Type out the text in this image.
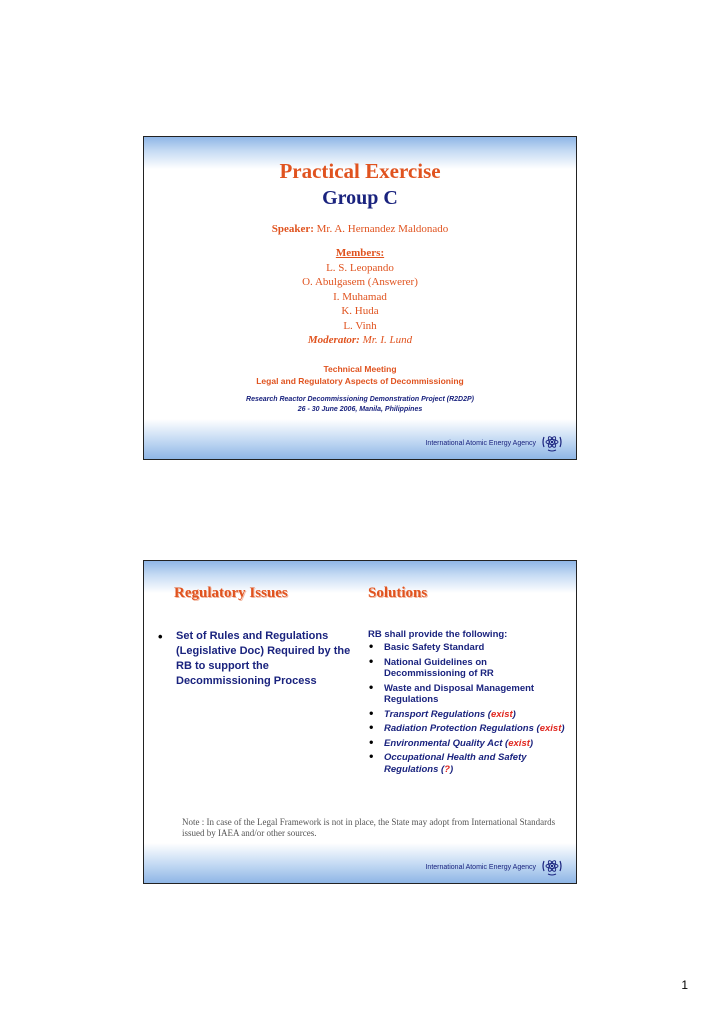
Practical Exercise
Group C
Speaker: Mr. A. Hernandez Maldonado
Members:
L. S. Leopando
O. Abulgasem (Answerer)
I. Muhamad
K. Huda
L. Vinh
Moderator: Mr. I. Lund
Technical Meeting
Legal and Regulatory Aspects of Decommissioning
Research Reactor Decommissioning Demonstration Project (R2D2P)
26 - 30 June 2006, Manila, Philippines
International Atomic Energy Agency
Regulatory Issues	Solutions
• Set of Rules and Regulations (Legislative Doc) Required by the RB to support the Decommissioning Process
RB shall provide the following:
• Basic Safety Standard
• National Guidelines on Decommissioning of RR
• Waste and Disposal Management Regulations
• Transport Regulations (exist)
• Radiation Protection Regulations (exist)
• Environmental Quality Act (exist)
• Occupational Health and Safety Regulations (?)
Note : In case of the Legal Framework is not in place, the State may adopt from International Standards issued by IAEA and/or other sources.
International Atomic Energy Agency
1
